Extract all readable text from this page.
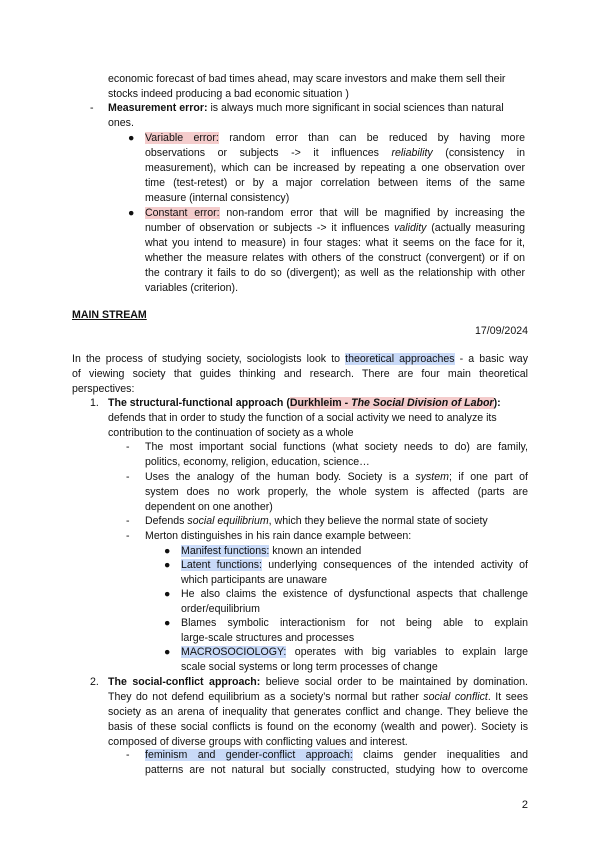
economic forecast of bad times ahead, may scare investors and make them sell their

stocks indeed producing a bad economic situation )

- Measurement error: is always much more significant in social sciences than natural

ones.

● Variable error: random error than can be reduced by having more
observations or subjects -> it influences reliability (consistency in
measurement), which can be increased by repeating a one observation over
time (test-retest) or by a major correlation between items of the same
measure (internal consistency)
● Constant error: non-random error that will be magnified by increasing the
number of observation or subjects -> it influences validity (actually measuring
what you intend to measure) in four stages: what it seems on the face for it,
whether the measure relates with others of the construct (convergent) or if on
the contrary it fails to do so (divergent); as well as the relationship with other
variables (criterion).

MAIN STREAM

17/09/2024

In the process of studying society, sociologists look to theoretical approaches - a basic way
of viewing society that guides thinking and research. There are four main theoretical
perspectives:
1. The structural-functional approach (Durkhleim - The Social Division of Labor):
defends that in order to study the function of a social activity we need to analyze its
contribution to the continuation of society as a whole
- The most important social functions (what society needs to do) are family,
politics, economy, religion, education, science…
- Uses the analogy of the human body. Society is a system; if one part of
system does no work properly, the whole system is affected (parts are
dependent on one another)
- Defends social equilibrium, which they believe the normal state of society

- Merton distinguishes in his rain dance example between:

● Manifest functions: known an intended

● Latent functions: underlying consequences of the intended activity of
which participants are unaware
● He also claims the existence of dysfunctional aspects that challenge
order/equilibrium
● Blames symbolic interactionism for not being able to explain
large-scale structures and processes
● MACROSOCIOLOGY: operates with big variables to explain large
scale social systems or long term processes of change
2. The social-conflict approach: believe social order to be maintained by domination.
They do not defend equilibrium as a society’s normal but rather social conflict. It sees
society as an arena of inequality that generates conflict and change. They believe the
basis of these social conflicts is found on the economy (wealth and power). Society is
composed of diverse groups with conflicting values and interest.
- feminism and gender-conflict approach: claims gender inequalities and
patterns are not natural but socially constructed, studying how to overcome

2
